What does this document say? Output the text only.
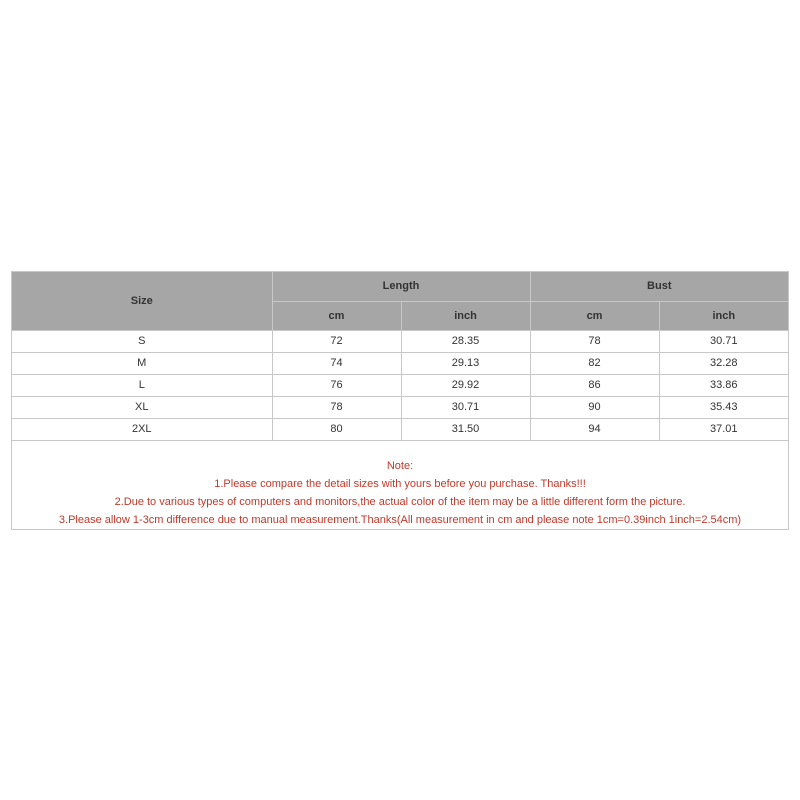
Size	Length		Bust	
	cm	inch	cm	inch
S	72	28.35	78	30.71
M	74	29.13	82	32.28
L	76	29.92	86	33.86
XL	78	30.71	90	35.43
2XL	80	31.50	94	37.01

Note:
1.Please compare the detail sizes with yours before you purchase. Thanks!!!
2.Due to various types of computers and monitors,the actual color of the item may be a little different form the picture.
3.Please allow 1-3cm difference due to manual measurement.Thanks(All measurement in cm and please note 1cm=0.39inch 1inch=2.54cm)				
